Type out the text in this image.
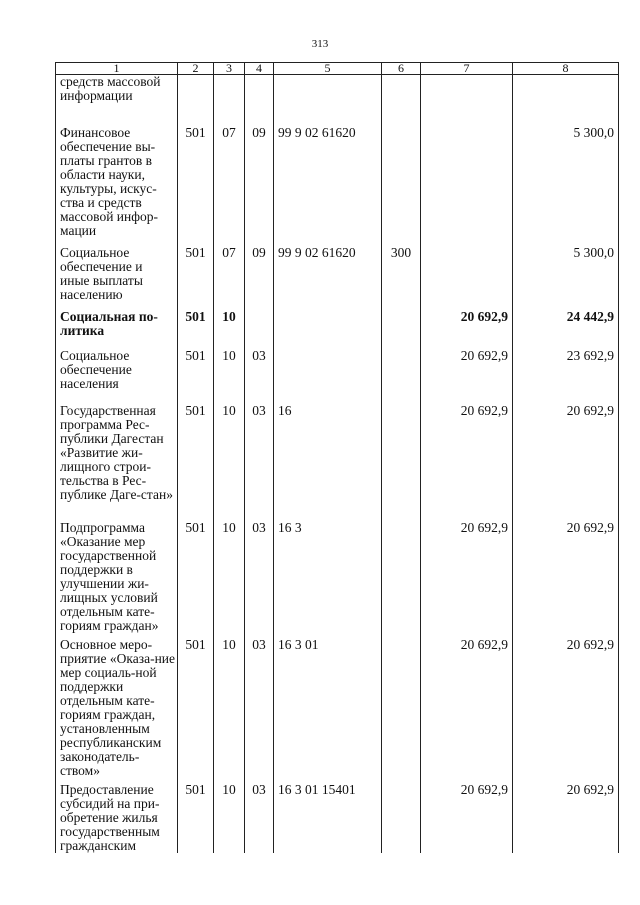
313
1	2	3	4	5	6	7	8
средств массовой информации							
Финансовое обеспечение вы-платы грантов в области науки, культуры, искус-ства и средств массовой инфор-мации	501	07	09	99 9 02 61620			5 300,0
Социальное обеспечение и иные выплаты населению	501	07	09	99 9 02 61620	300		5 300,0
Социальная по-литика	501	10				20 692,9	24 442,9
Социальное обеспечение населения	501	10	03			20 692,9	23 692,9
Государственная программа Рес-публики Дагестан «Развитие жи-лищного строи-тельства в Рес-публике Даге-стан»	501	10	03	16		20 692,9	20 692,9
Подпрограмма «Оказание мер государственной поддержки в улучшении жи-лищных условий отдельным кате-гориям граждан»	501	10	03	16 3		20 692,9	20 692,9
Основное меро-приятие «Оказа-ние мер социаль-ной поддержки отдельным кате-гориям граждан, установленным республиканским законодатель-ством»	501	10	03	16 3 01		20 692,9	20 692,9
Предоставление субсидий на при-обретение жилья государственным гражданским	501	10	03	16 3 01 15401		20 692,9	20 692,9
